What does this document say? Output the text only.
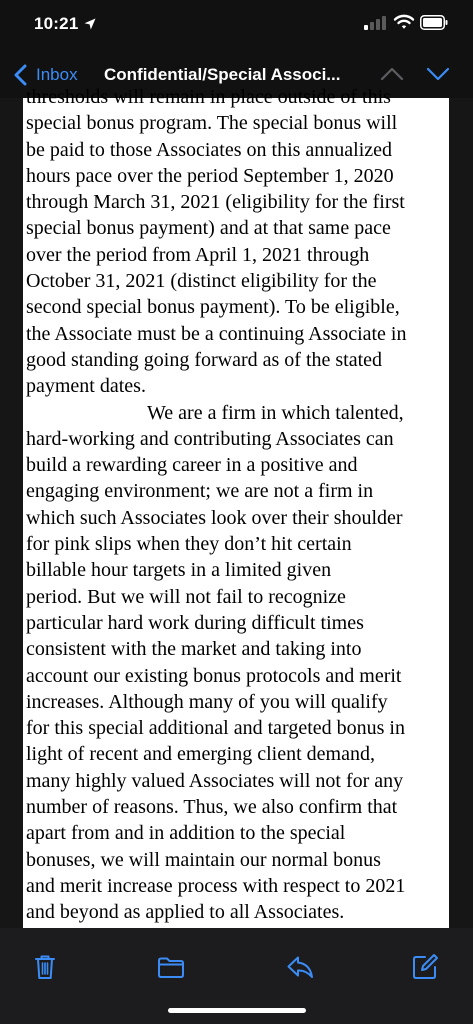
10:21
Inbox Confidential/Special Associ...
thresholds will remain in place outside of this
special bonus program. The special bonus will
be paid to those Associates on this annualized
hours pace over the period September 1, 2020
through March 31, 2021 (eligibility for the first
special bonus payment) and at that same pace
over the period from April 1, 2021 through
October 31, 2021 (distinct eligibility for the
second special bonus payment). To be eligible,
the Associate must be a continuing Associate in
good standing going forward as of the stated
payment dates.
We are a firm in which talented,
hard-working and contributing Associates can
build a rewarding career in a positive and
engaging environment; we are not a firm in
which such Associates look over their shoulder
for pink slips when they don’t hit certain
billable hour targets in a limited given
period. But we will not fail to recognize
particular hard work during difficult times
consistent with the market and taking into
account our existing bonus protocols and merit
increases. Although many of you will qualify
for this special additional and targeted bonus in
light of recent and emerging client demand,
many highly valued Associates will not for any
number of reasons. Thus, we also confirm that
apart from and in addition to the special
bonuses, we will maintain our normal bonus
and merit increase process with respect to 2021
and beyond as applied to all Associates.
